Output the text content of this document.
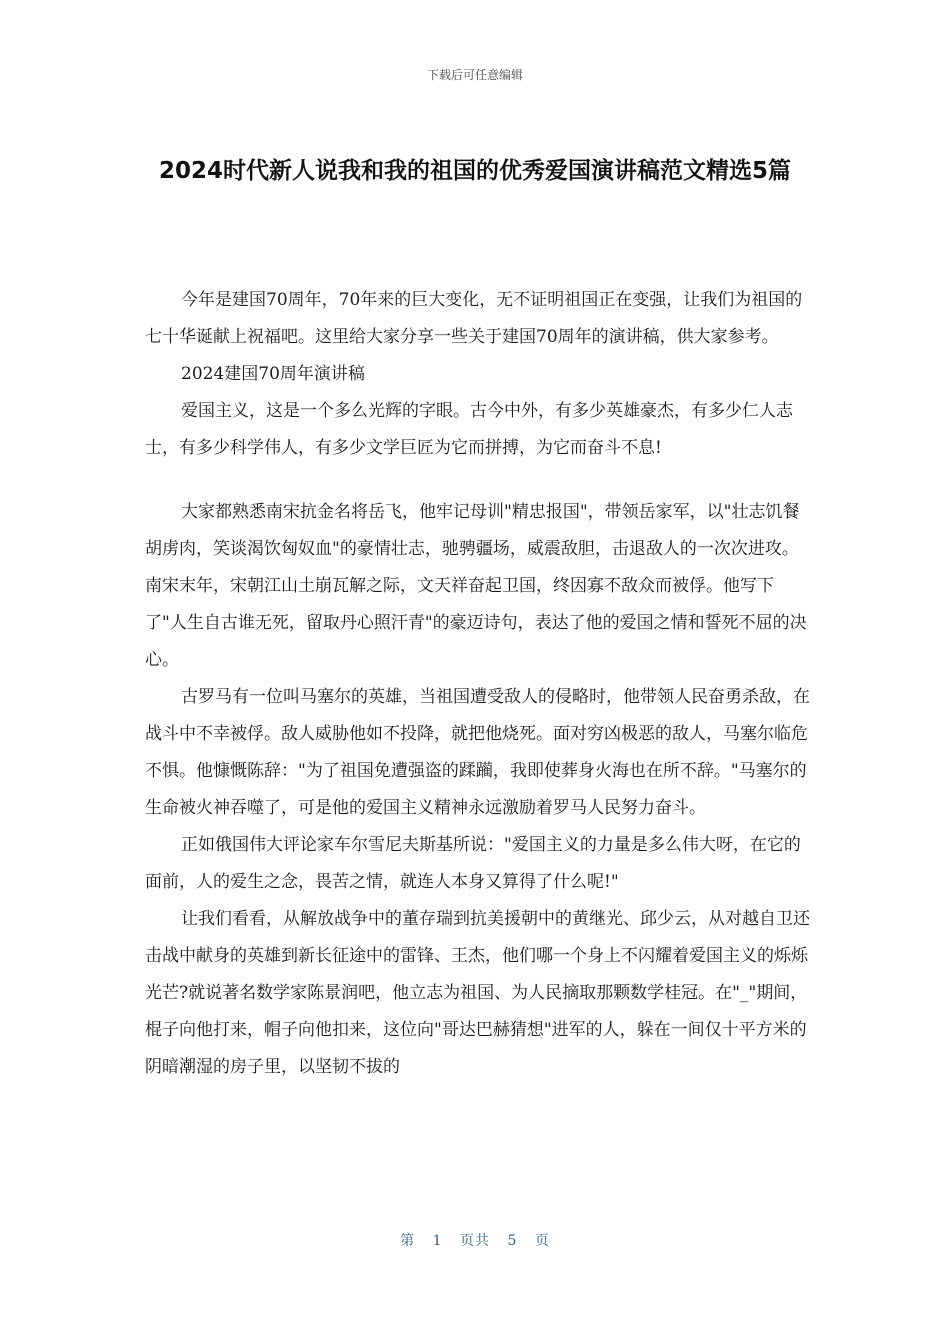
下载后可任意编辑
2024时代新人说我和我的祖国的优秀爱国演讲稿范文精选5篇

今年是建国70周年，70年来的巨大变化，无不证明祖国正在变强，让我们为祖国的七十华诞献上祝福吧。这里给大家分享一些关于建国70周年的演讲稿，供大家参考。

2024建国70周年演讲稿

爱国主义，这是一个多么光辉的字眼。古今中外，有多少英雄豪杰，有多少仁人志士，有多少科学伟人，有多少文学巨匠为它而拼搏，为它而奋斗不息!

大家都熟悉南宋抗金名将岳飞，他牢记母训"精忠报国"，带领岳家军，以"壮志饥餐胡虏肉，笑谈渴饮匈奴血"的豪情壮志，驰骋疆场，威震敌胆，击退敌人的一次次进攻。南宋末年，宋朝江山土崩瓦解之际，文天祥奋起卫国，终因寡不敌众而被俘。他写下了"人生自古谁无死，留取丹心照汗青"的豪迈诗句，表达了他的爱国之情和誓死不屈的决心。

古罗马有一位叫马塞尔的英雄，当祖国遭受敌人的侵略时，他带领人民奋勇杀敌，在战斗中不幸被俘。敌人威胁他如不投降，就把他烧死。面对穷凶极恶的敌人，马塞尔临危不惧。他慷慨陈辞："为了祖国免遭强盗的蹂躏，我即使葬身火海也在所不辞。"马塞尔的生命被火神吞噬了，可是他的爱国主义精神永远激励着罗马人民努力奋斗。

正如俄国伟大评论家车尔雪尼夫斯基所说："爱国主义的力量是多么伟大呀，在它的面前，人的爱生之念，畏苦之情，就连人本身又算得了什么呢!"

让我们看看，从解放战争中的董存瑞到抗美援朝中的黄继光、邱少云，从对越自卫还击战中献身的英雄到新长征途中的雷锋、王杰，他们哪一个身上不闪耀着爱国主义的烁烁光芒?就说著名数学家陈景润吧，他立志为祖国、为人民摘取那颗数学桂冠。在"_"期间，棍子向他打来，帽子向他扣来，这位向"哥达巴赫猜想"进军的人，躲在一间仅十平方米的阴暗潮湿的房子里，以坚韧不拔的

第 1 页共 5 页
